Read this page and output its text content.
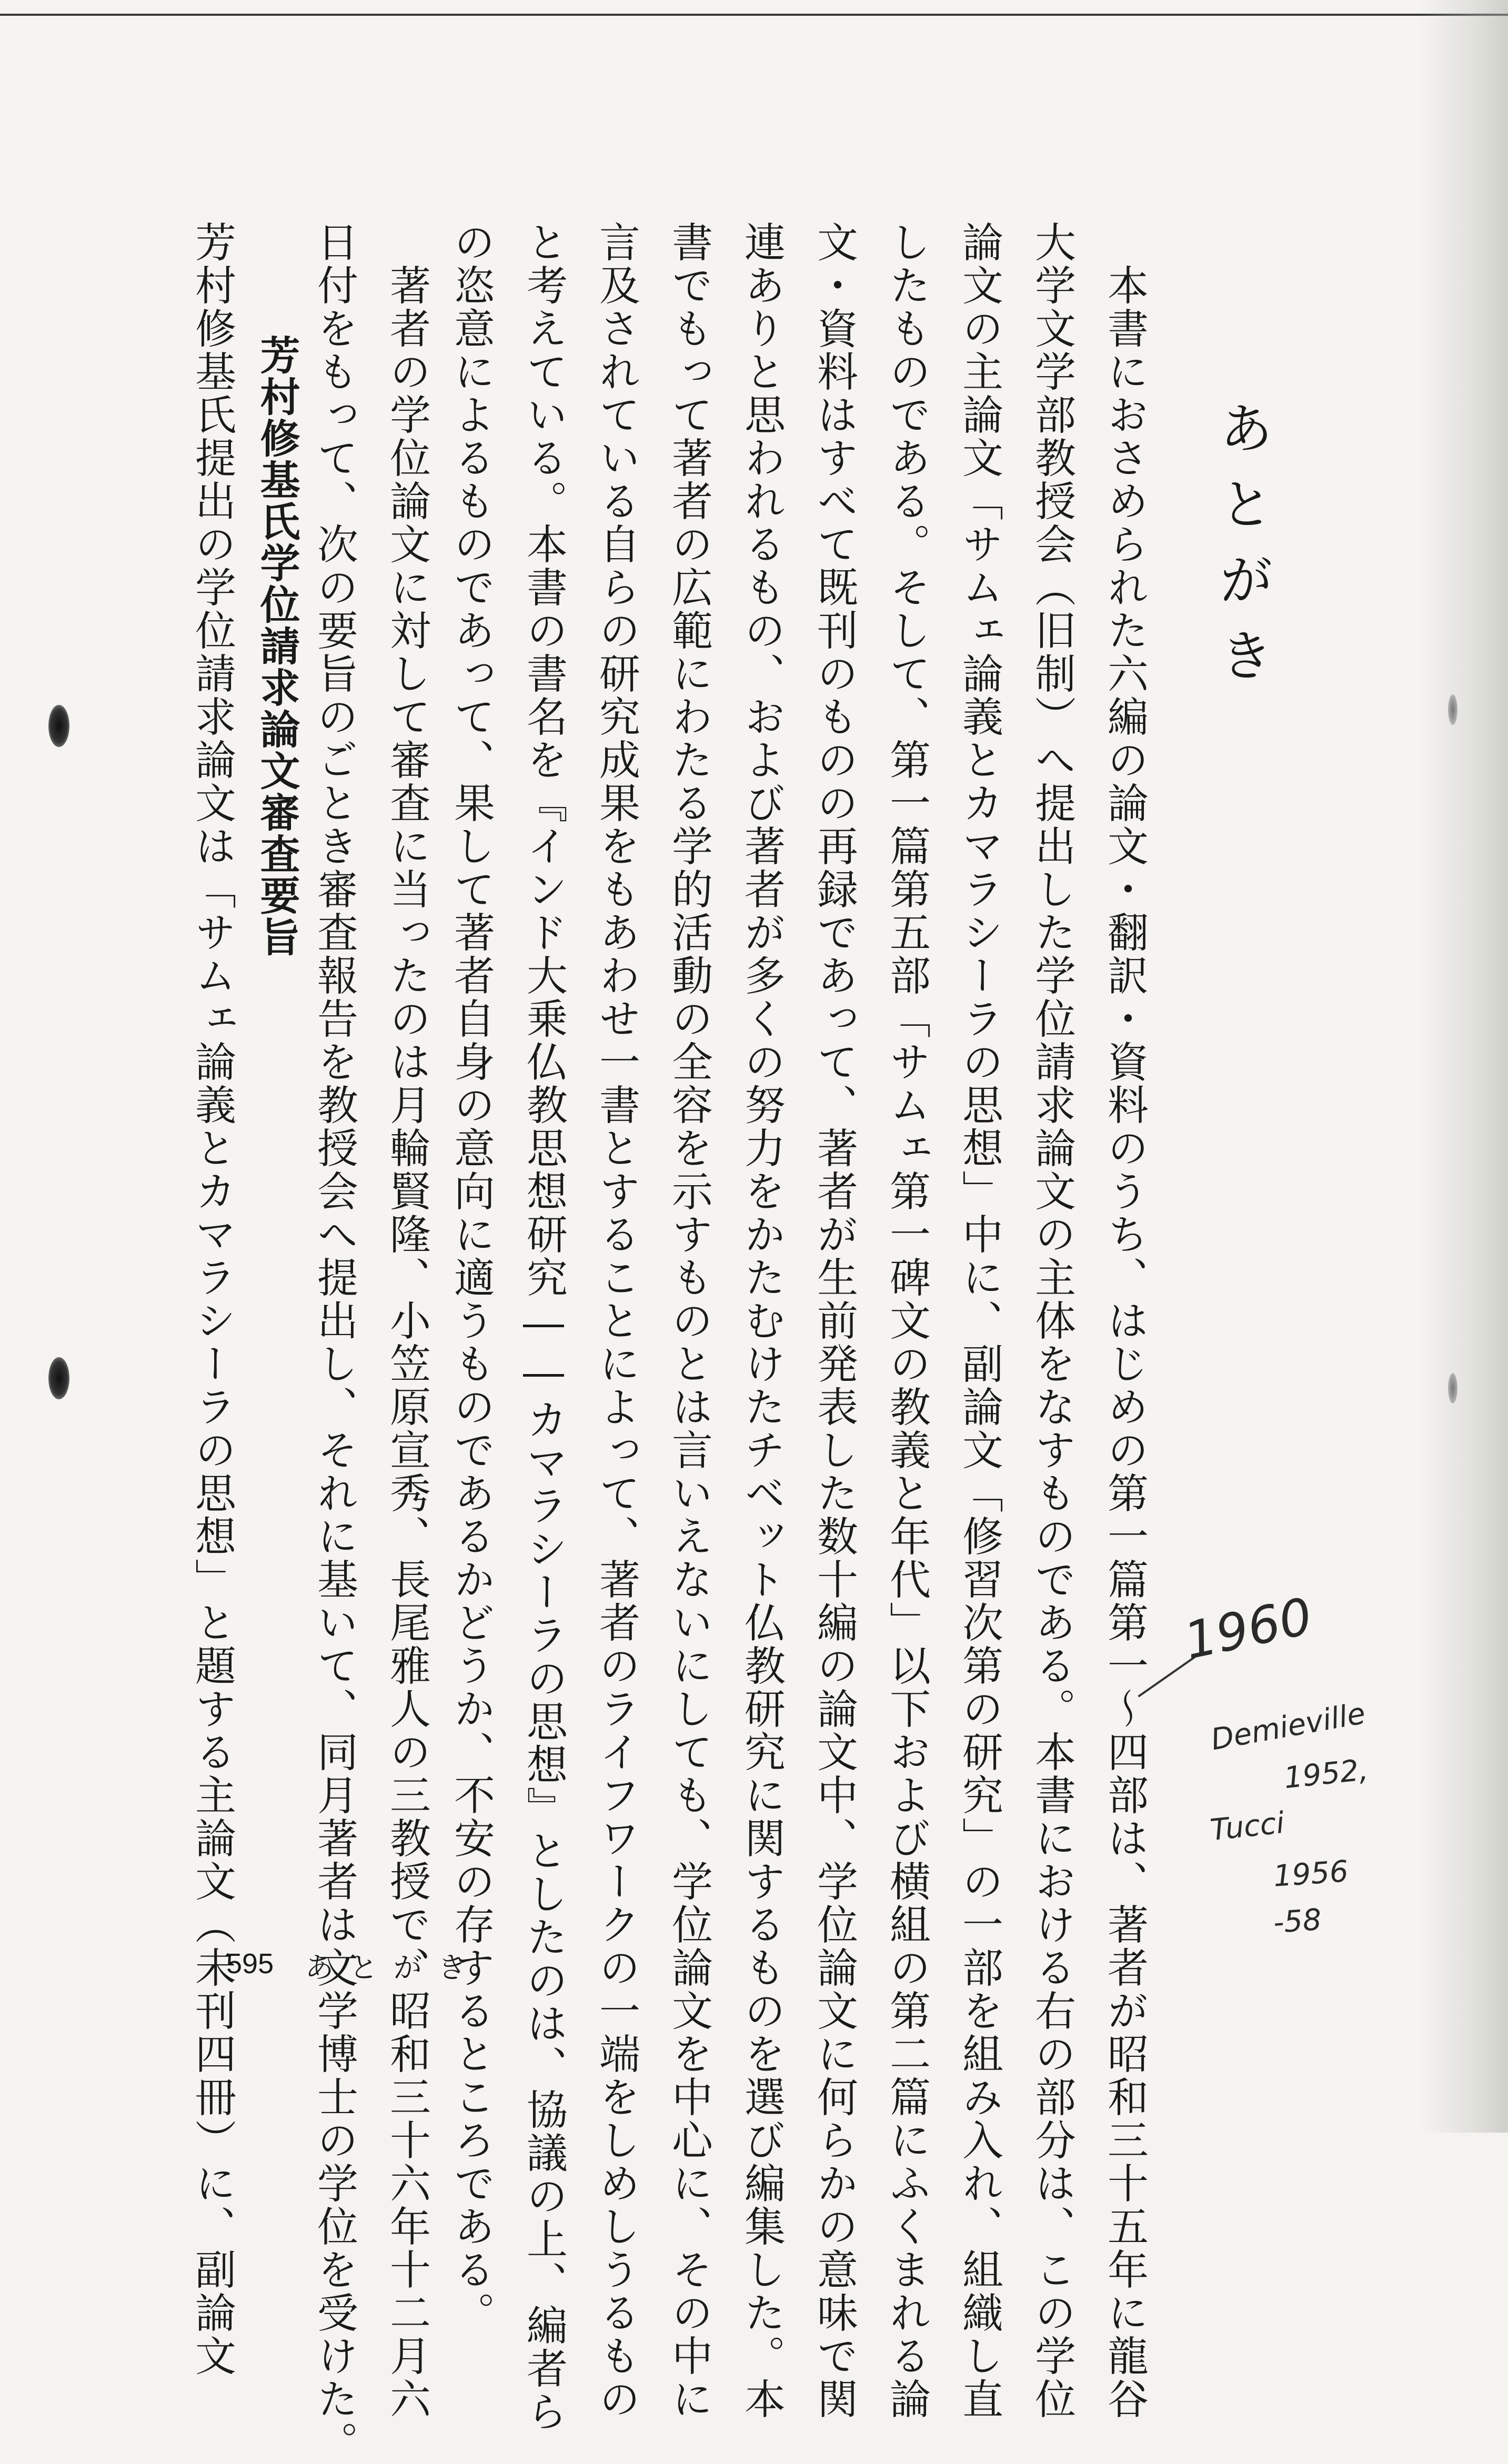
あとがき
　本書におさめられた六編の論文・翻訳・資料のうち、はじめの第一篇第一〜四部は、著者が昭和三十五年に龍谷
大学文学部教授会（旧制）へ提出した学位請求論文の主体をなすものである。本書における右の部分は、この学位
論文の主論文「サムェ論義とカマラシーラの思想」中に、副論文「修習次第の研究」の一部を組み入れ、組織し直
したものである。そして、第一篇第五部「サムェ第一碑文の教義と年代」以下および横組の第二篇にふくまれる論
文・資料はすべて既刊のものの再録であって、著者が生前発表した数十編の論文中、学位論文に何らかの意味で関
連ありと思われるもの、および著者が多くの努力をかたむけたチベット仏教研究に関するものを選び編集した。本
書でもって著者の広範にわたる学的活動の全容を示すものとは言いえないにしても、学位論文を中心に、その中に
言及されている自らの研究成果をもあわせ一書とすることによって、著者のライフワークの一端をしめしうるもの
と考えている。本書の書名を『インド大乗仏教思想研究――カマラシーラの思想』としたのは、協議の上、編者ら
の恣意によるものであって、果して著者自身の意向に適うものであるかどうか、不安の存するところである。
　著者の学位論文に対して審査に当ったのは月輪賢隆、小笠原宣秀、長尾雅人の三教授で、昭和三十六年十二月六
日付をもって、次の要旨のごとき審査報告を教授会へ提出し、それに基いて、同月著者は文学博士の学位を受けた。
芳村修基氏学位請求論文審査要旨
芳村修基氏提出の学位請求論文は「サムェ論義とカマラシーラの思想」と題する主論文（未刊四冊）に、副論文
595 あとがき
1960
Demieville
1952,
Tucci
1956
-58
